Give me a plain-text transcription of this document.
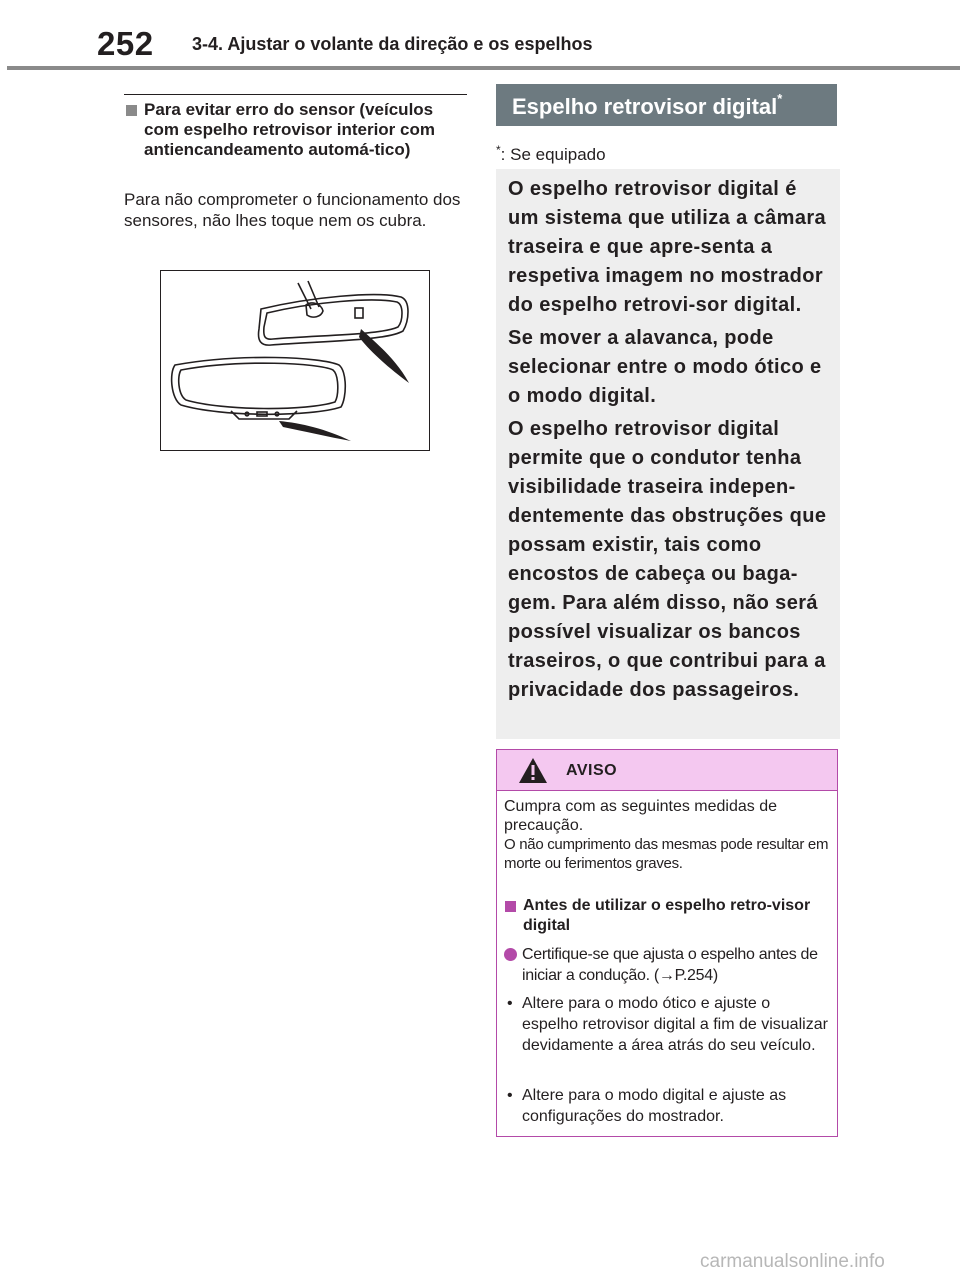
252 3-4. Ajustar o volante da direção e os espelhos
Para evitar erro do sensor (veículos com espelho retrovisor interior com antiencandeamento automá-tico)
Para não comprometer o funcionamento dos sensores, não lhes toque nem os cubra.
Espelho retrovisor digital*
*: Se equipado

O espelho retrovisor digital é um sistema que utiliza a câmara traseira e que apre-senta a respetiva imagem no mostrador do espelho retrovi-sor digital.

Se mover a alavanca, pode selecionar entre o modo ótico e o modo digital.

O espelho retrovisor digital permite que o condutor tenha visibilidade traseira indepen-dentemente das obstruções que possam existir, tais como encostos de cabeça ou baga-gem. Para além disso, não será possível visualizar os bancos traseiros, o que contribui para a privacidade dos passageiros.

AVISO
Cumpra com as seguintes medidas de precaução.
O não cumprimento das mesmas pode resultar em morte ou ferimentos graves.
Antes de utilizar o espelho retro-visor digital
Certifique-se que ajusta o espelho antes de iniciar a condução. (→P.254)
• Altere para o modo ótico e ajuste o espelho retrovisor digital a fim de visualizar devidamente a área atrás do seu veículo.
• Altere para o modo digital e ajuste as configurações do mostrador.
carmanualsonline.info
